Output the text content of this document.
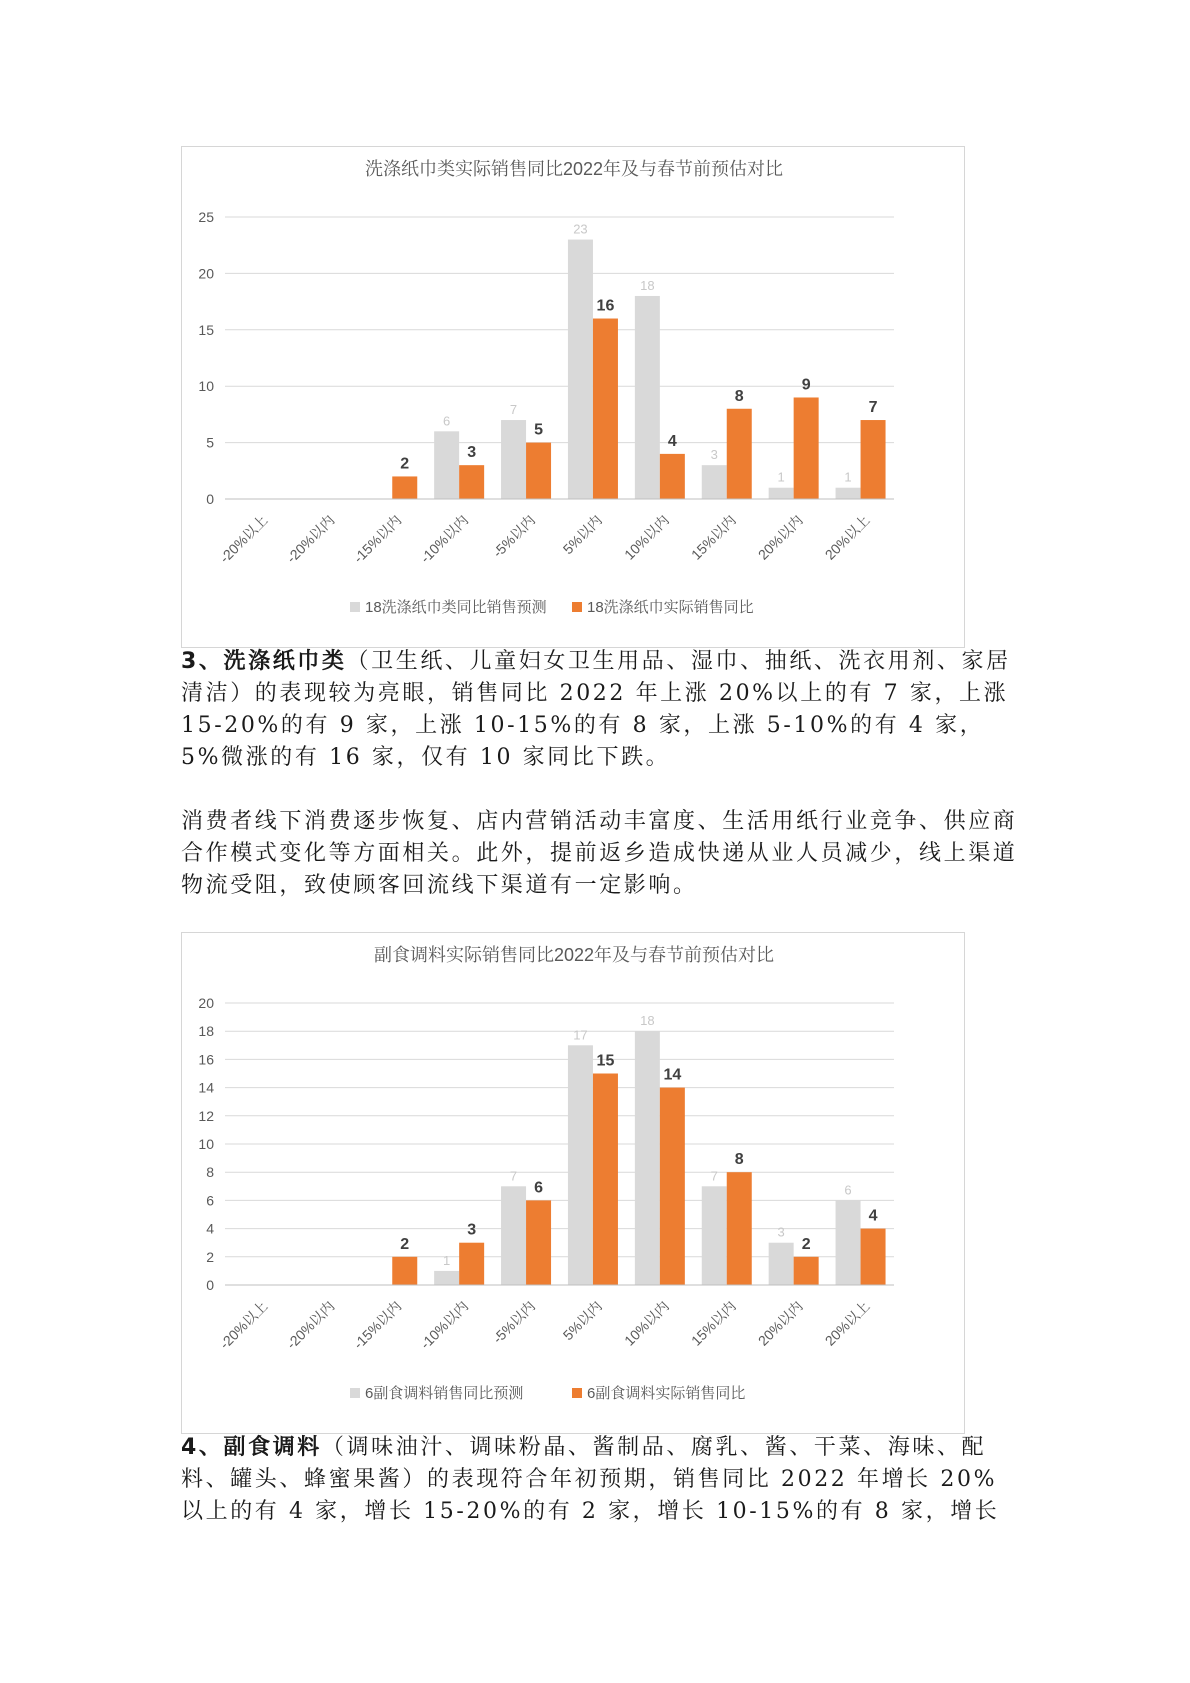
洗涤纸巾类实际销售同比2022年及与春节前预估对比
0
5
10
15
20
25
-20%以上 -20%以内
2
-15%以内
6
3
-10%以内
7
5
-5%以内
23
16
5%以内
18
4
10%以内
3
8
15%以内
1
9
20%以内
1
7
20%以上
18洗涤纸巾类同比销售预测	18洗涤纸巾实际销售同比

3、洗涤纸巾类（卫生纸、儿童妇女卫生用品、湿巾、抽纸、洗衣用剂、家居清洁）的表现较为亮眼，销售同比 2022 年上涨 20%以上的有 7 家，上涨 15-20%的有 9 家，上涨 10-15%的有 8 家，上涨 5-10%的有 4 家，5%微涨的有 16 家，仅有 10 家同比下跌。

消费者线下消费逐步恢复、店内营销活动丰富度、生活用纸行业竞争、供应商合作模式变化等方面相关。此外，提前返乡造成快递从业人员减少，线上渠道物流受阻，致使顾客回流线下渠道有一定影响。

副食调料实际销售同比2022年及与春节前预估对比
0
2
4
6
8
10
12
14
16
18
20
-20%以上 -20%以内
2
-15%以内
1
3
-10%以内
7
6
-5%以内
17
15
5%以内
18
14
10%以内
7
8
15%以内
3
2
20%以内
6
4
20%以上
6副食调料销售同比预测	6副食调料实际销售同比

4、副食调料（调味油汁、调味粉晶、酱制品、腐乳、酱、干菜、海味、配料、罐头、蜂蜜果酱）的表现符合年初预期，销售同比 2022 年增长 20%以上的有 4 家，增长 15-20%的有 2 家，增长 10-15%的有 8 家，增长
